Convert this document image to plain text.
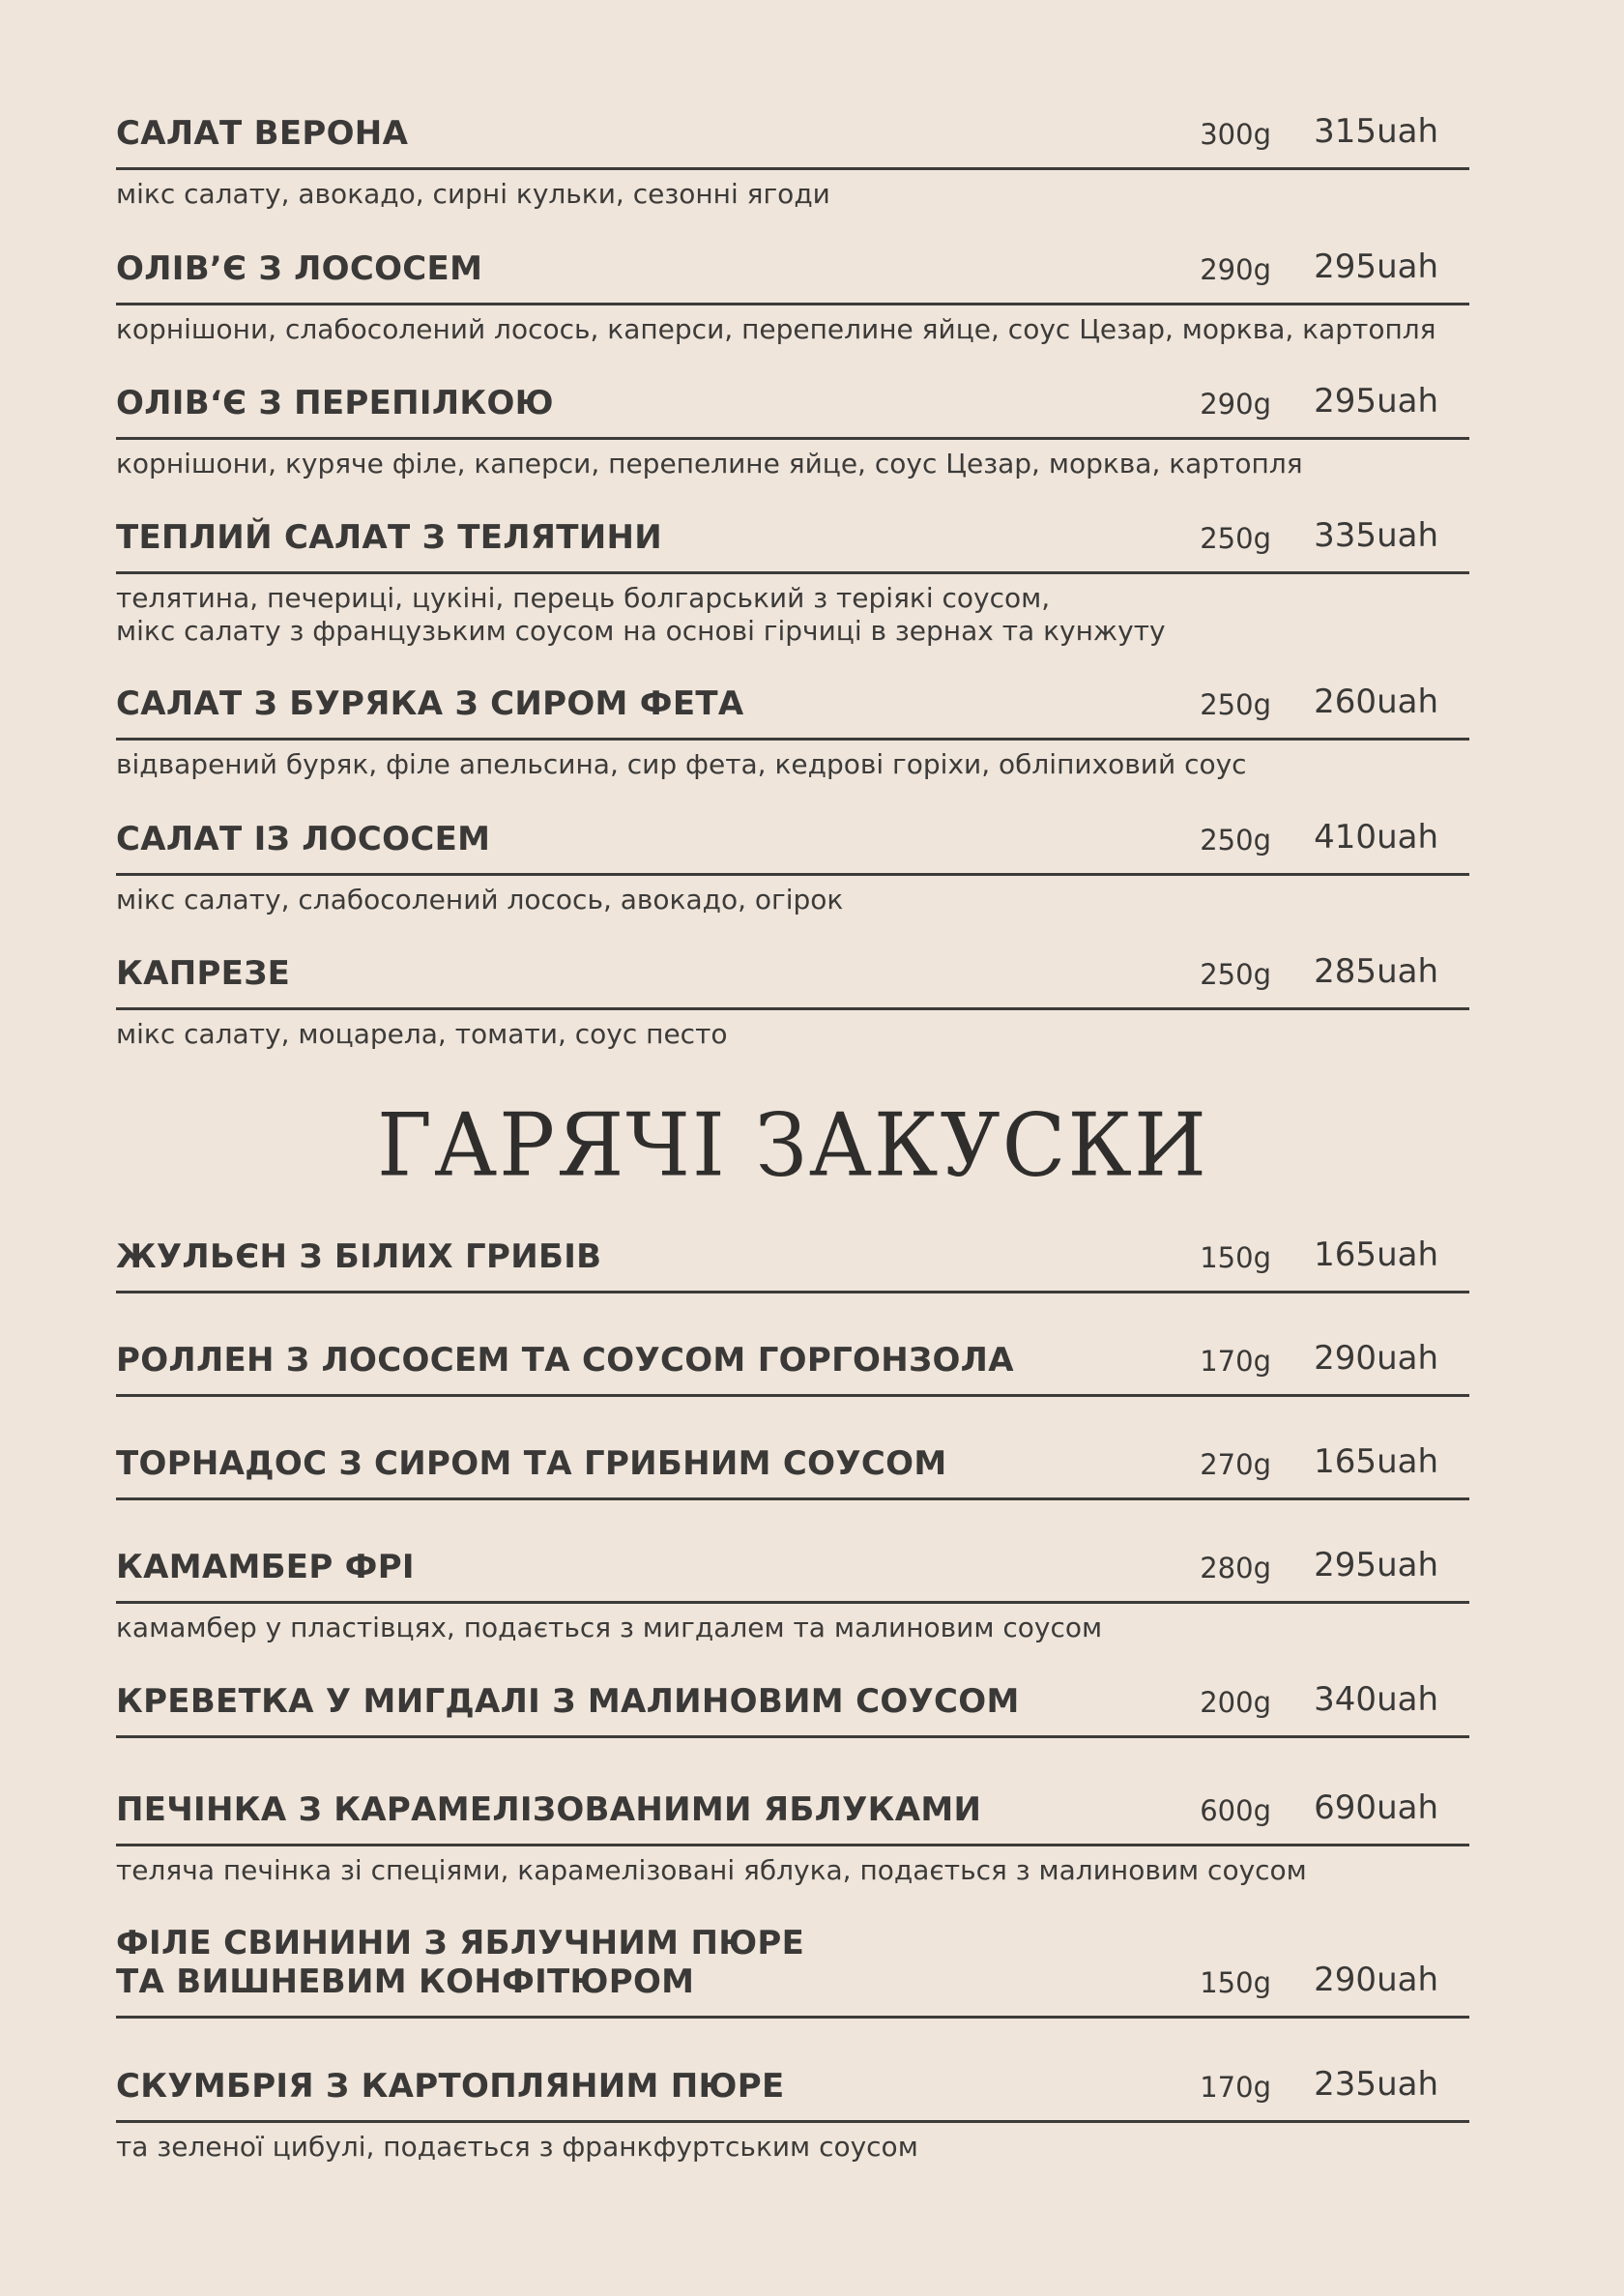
САЛАТ ВЕРОНА	300g 315uah
мікс салату, авокадо, сирні кульки, сезонні ягоди
ОЛІВ’Є З ЛОСОСЕМ	290g 295uah
корнішони, слабосолений лосось, каперси, перепелине яйце, соус Цезар, морква, картопля
ОЛІВ‘Є З ПЕРЕПІЛКОЮ	290g 295uah
корнішони, куряче філе, каперси, перепелине яйце, соус Цезар, морква, картопля
ТЕПЛИЙ САЛАТ З ТЕЛЯТИНИ	250g 335uah
телятина, печериці, цукіні, перець болгарський з теріякі соусом,
мікс салату з французьким соусом на основі гірчиці в зернах та кунжуту
САЛАТ З БУРЯКА З СИРОМ ФЕТА	250g 260uah
відварений буряк, філе апельсина, сир фета, кедрові горіхи, обліпиховий соус
САЛАТ ІЗ ЛОСОСЕМ	250g 410uah
мікс салату, слабосолений лосось, авокадо, огірок
КАПРЕЗЕ	250g 285uah
мікс салату, моцарела, томати, соус песто
ГАРЯЧІ ЗАКУСКИ
ЖУЛЬЄН З БІЛИХ ГРИБІВ	150g 165uah
РОЛЛЕН З ЛОСОСЕМ ТА СОУСОМ ГОРГОНЗОЛА	170g 290uah
ТОРНАДОС З СИРОМ ТА ГРИБНИМ СОУСОМ	270g 165uah
КАМАМБЕР ФРІ	280g 295uah
камамбер у пластівцях, подається з мигдалем та малиновим соусом
КРЕВЕТКА У МИГДАЛІ З МАЛИНОВИМ СОУСОМ	200g 340uah
ПЕЧІНКА З КАРАМЕЛІЗОВАНИМИ ЯБЛУКАМИ	600g 690uah
теляча печінка зі спеціями, карамелізовані яблука, подається з малиновим соусом
ФІЛЕ СВИНИНИ З ЯБЛУЧНИМ ПЮРЕ
ТА ВИШНЕВИМ КОНФІТЮРОМ	150g 290uah
СКУМБРІЯ З КАРТОПЛЯНИМ ПЮРЕ	170g 235uah
та зеленої цибулі, подається з франкфуртським соусом
